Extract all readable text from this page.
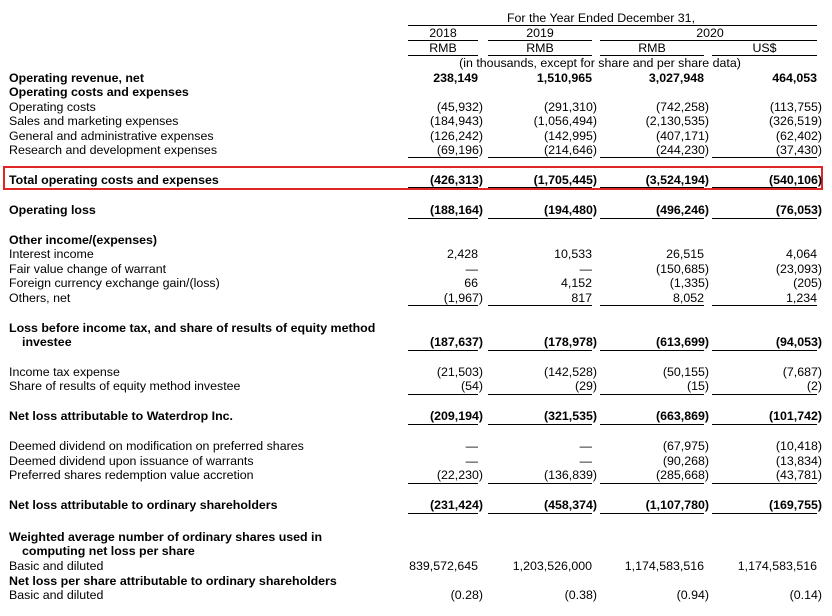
For the Year Ended December 31,
2018	2019	2020
RMB	RMB	RMB	US$
(in thousands, except for share and per share data)
Operating revenue, net	238,149	1,510,965	3,027,948	464,053
Operating costs and expenses
Operating costs	(45,932)	(291,310)	(742,258)	(113,755)
Sales and marketing expenses	(184,943)	(1,056,494)	(2,130,535)	(326,519)
General and administrative expenses	(126,242)	(142,995)	(407,171)	(62,402)
Research and development expenses	(69,196)	(214,646)	(244,230)	(37,430)
Total operating costs and expenses	(426,313)	(1,705,445)	(3,524,194)	(540,106)
Operating loss	(188,164)	(194,480)	(496,246)	(76,053)
Other income/(expenses)
Interest income	2,428	10,533	26,515	4,064
Fair value change of warrant	—	—	(150,685)	(23,093)
Foreign currency exchange gain/(loss)	66	4,152	(1,335)	(205)
Others, net	(1,967)	817	8,052	1,234
Loss before income tax, and share of results of equity method
investee	(187,637)	(178,978)	(613,699)	(94,053)
Income tax expense	(21,503)	(142,528)	(50,155)	(7,687)
Share of results of equity method investee	(54)	(29)	(15)	(2)
Net loss attributable to Waterdrop Inc.	(209,194)	(321,535)	(663,869)	(101,742)
Deemed dividend on modification on preferred shares	—	—	(67,975)	(10,418)
Deemed dividend upon issuance of warrants	—	—	(90,268)	(13,834)
Preferred shares redemption value accretion	(22,230)	(136,839)	(285,668)	(43,781)
Net loss attributable to ordinary shareholders	(231,424)	(458,374)	(1,107,780)	(169,755)
Weighted average number of ordinary shares used in
computing net loss per share
Basic and diluted	839,572,645	1,203,526,000	1,174,583,516	1,174,583,516
Net loss per share attributable to ordinary shareholders
Basic and diluted	(0.28)	(0.38)	(0.94)	(0.14)
